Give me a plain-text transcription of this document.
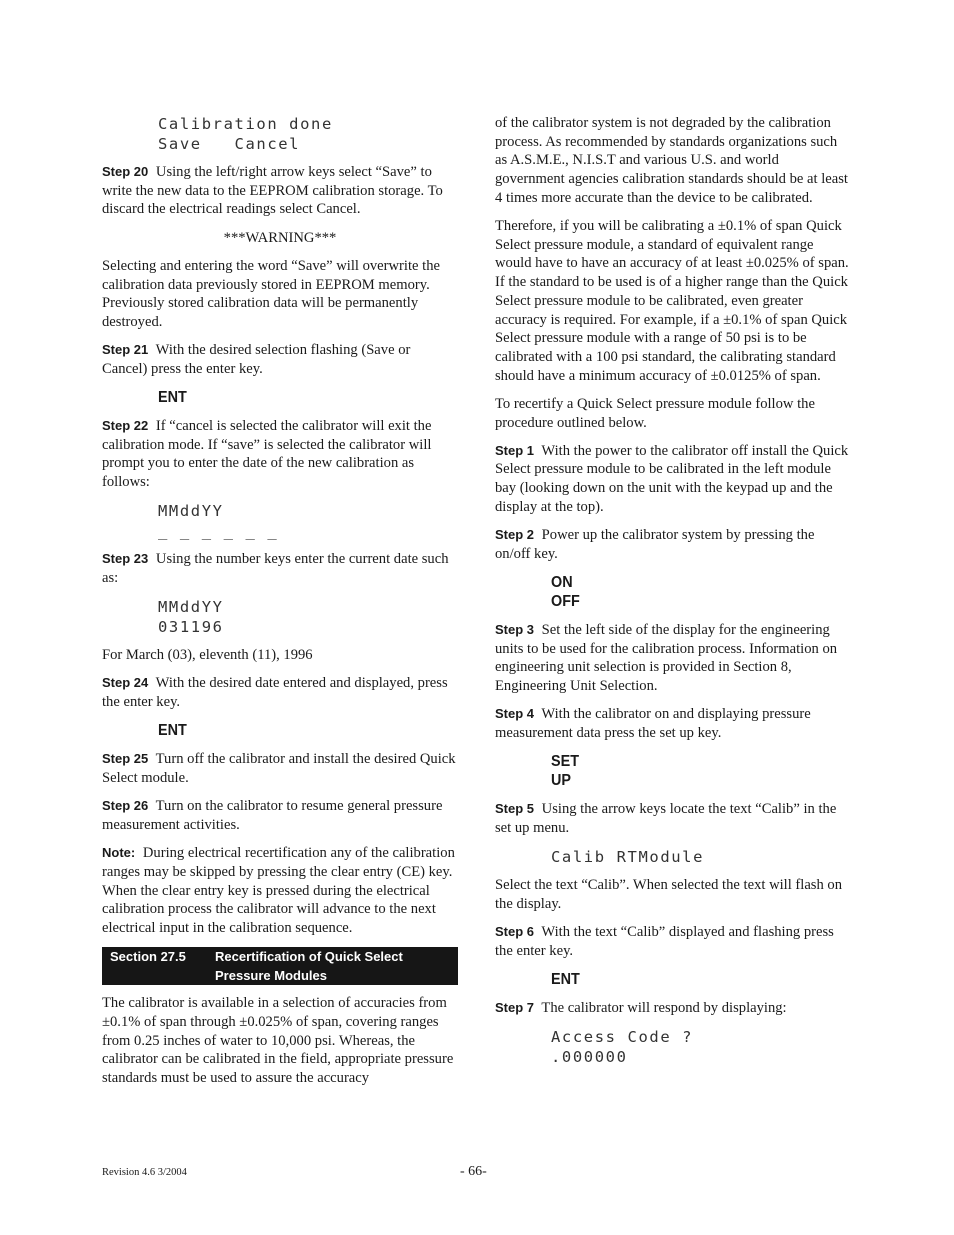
Calibration done
Save   Cancel

Step 20 Using the left/right arrow keys select “Save” to write the new data to the EEPROM calibration storage. To discard the electrical readings select Cancel.

***WARNING***

Selecting and entering the word “Save” will overwrite the calibration data previously stored in EEPROM memory. Previously stored calibration data will be permanently destroyed.

Step 21 With the desired selection flashing (Save or Cancel) press the enter key.

ENT

Step 22 If “cancel is selected the calibrator will exit the calibration mode. If “save” is selected the calibrator will prompt you to enter the date of the new calibration as follows:

MMddYY
_ _ _ _ _ _

Step 23 Using the number keys enter the current date such as:

MMddYY
031196

For March (03), eleventh (11), 1996

Step 24 With the desired date entered and displayed, press the enter key.

ENT

Step 25 Turn off the calibrator and install the desired Quick Select module.

Step 26 Turn on the calibrator to resume general pressure measurement activities.

Note: During electrical recertification any of the calibration ranges may be skipped by pressing the clear entry (CE) key. When the clear entry key is pressed during the electrical calibration process the calibrator will advance to the next electrical input in the calibration sequence.

Section 27.5	Recertification of Quick Select Pressure Modules

The calibrator is available in a selection of accuracies from ±0.1% of span through ±0.025% of span, covering ranges from 0.25 inches of water to 10,000 psi. Whereas, the calibrator can be calibrated in the field, appropriate pressure standards must be used to assure the accuracy

of the calibrator system is not degraded by the calibration process. As recommended by standards organizations such as A.S.M.E., N.I.S.T and various U.S. and world government agencies calibration standards should be at least 4 times more accurate than the device to be calibrated.

Therefore, if you will be calibrating a ±0.1% of span Quick Select pressure module, a standard of equivalent range would have to have an accuracy of at least ±0.025% of span. If the standard to be used is of a higher range than the Quick Select pressure module to be calibrated, even greater accuracy is required. For example, if a ±0.1% of span Quick Select pressure module with a range of 50 psi is to be calibrated with a 100 psi standard, the calibrating standard should have a minimum accuracy of ±0.0125% of span.

To recertify a Quick Select pressure module follow the procedure outlined below.

Step 1 With the power to the calibrator off install the Quick Select pressure module to be calibrated in the left module bay (looking down on the unit with the keypad up and the display at the top).

Step 2 Power up the calibrator system by pressing the on/off key.

ON
OFF

Step 3 Set the left side of the display for the engineering units to be used for the calibration process. Information on engineering unit selection is provided in Section 8, Engineering Unit Selection.

Step 4 With the calibrator on and displaying pressure measurement data press the set up key.

SET
UP

Step 5 Using the arrow keys locate the text “Calib” in the set up menu.

Calib RTModule

Select the text “Calib”. When selected the text will flash on the display.

Step 6 With the text “Calib” displayed and flashing press the enter key.

ENT

Step 7 The calibrator will respond by displaying:

Access Code ?
.000000
Revision 4.6 3/2004	- 66-
